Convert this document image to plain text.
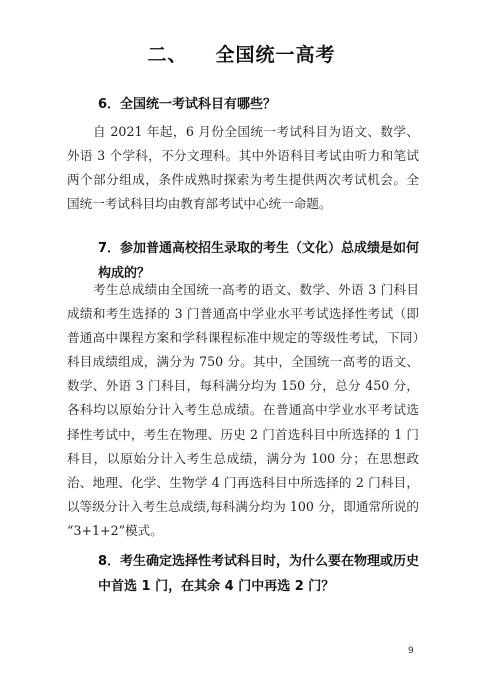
二、 全国统一高考
6．全国统一考试科目有哪些？
自 2021 年起，6 月份全国统一考试科目为语文、数学、外语 3 个学科，不分文理科。其中外语科目考试由听力和笔试两个部分组成，条件成熟时探索为考生提供两次考试机会。全国统一考试科目均由教育部考试中心统一命题。
7．参加普通高校招生录取的考生（文化）总成绩是如何构成的？
考生总成绩由全国统一高考的语文、数学、外语 3 门科目成绩和考生选择的 3 门普通高中学业水平考试选择性考试（即普通高中课程方案和学科课程标准中规定的等级性考试，下同）科目成绩组成，满分为 750 分。其中，全国统一高考的语文、数学、外语 3 门科目，每科满分均为 150 分，总分 450 分，各科均以原始分计入考生总成绩。在普通高中学业水平考试选择性考试中，考生在物理、历史 2 门首选科目中所选择的 1 门科目，以原始分计入考生总成绩，满分为 100 分；在思想政治、地理、化学、生物学 4 门再选科目中所选择的 2 门科目，以等级分计入考生总成绩,每科满分均为 100 分，即通常所说的 “3+1+2”模式。
8．考生确定选择性考试科目时，为什么要在物理或历史中首选 1 门，在其余 4 门中再选 2 门？
9
